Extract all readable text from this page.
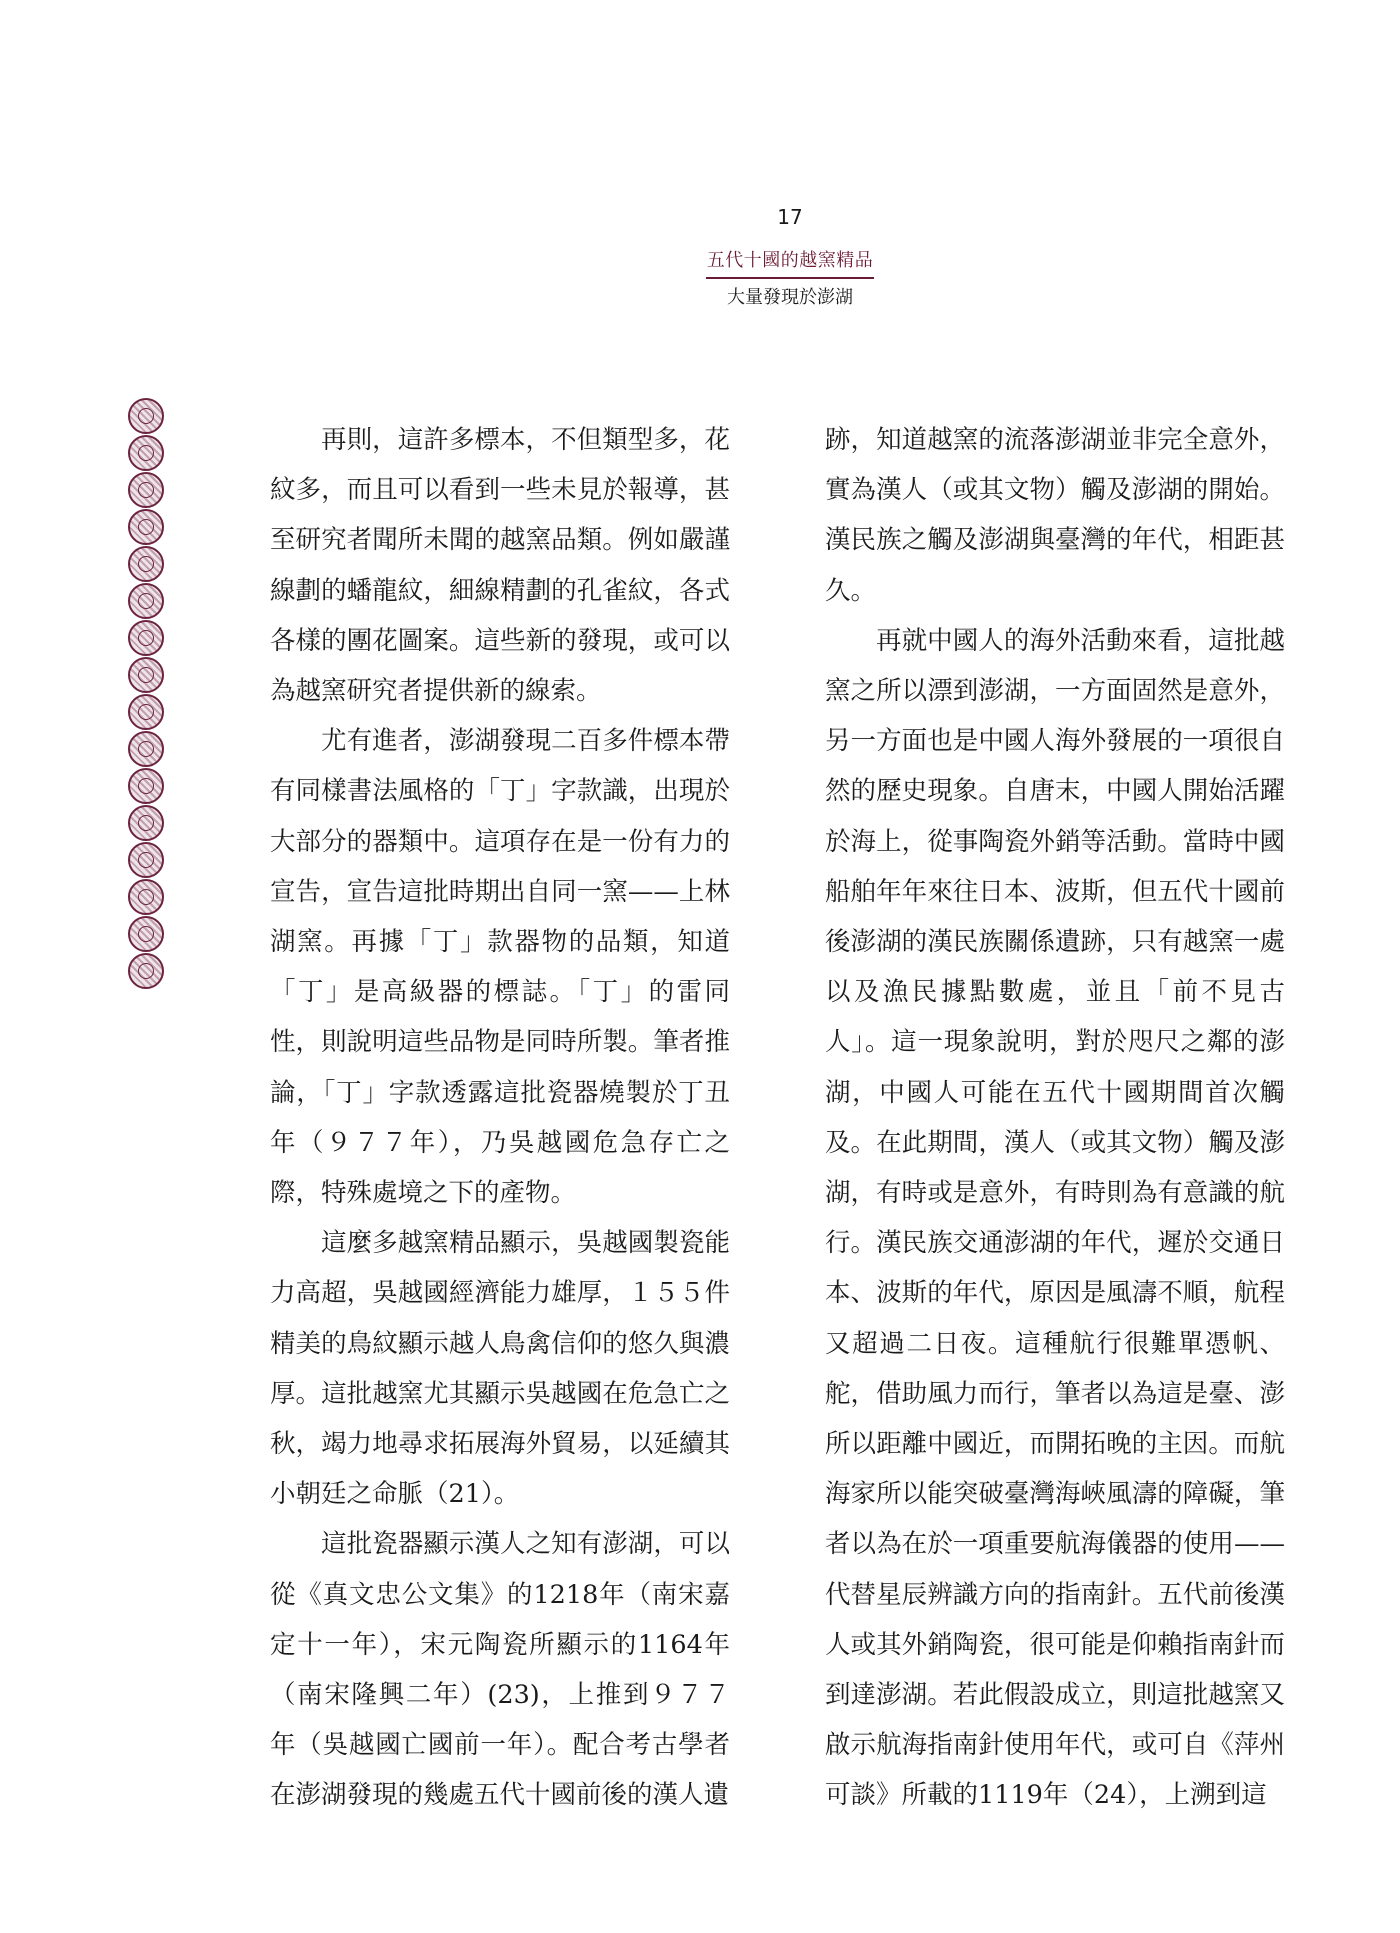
17
五代十國的越窯精品
大量發現於澎湖

再則，這許多標本，不但類型多，花紋多，而且可以看到一些未見於報導，甚至研究者聞所未聞的越窯品類。例如嚴謹線劃的蟠龍紋，細線精劃的孔雀紋，各式各樣的團花圖案。這些新的發現，或可以為越窯研究者提供新的線索。

尤有進者，澎湖發現二百多件標本帶有同樣書法風格的「丁」字款識，出現於大部分的器類中。這項存在是一份有力的宣告，宣告這批時期出自同一窯——上林湖窯。再據「丁」款器物的品類，知道「丁」是高級器的標誌。「丁」的雷同性，則說明這些品物是同時所製。筆者推論，「丁」字款透露這批瓷器燒製於丁丑年（９７７年），乃吳越國危急存亡之際，特殊處境之下的產物。

這麼多越窯精品顯示，吳越國製瓷能力高超，吳越國經濟能力雄厚，１５５件精美的鳥紋顯示越人鳥禽信仰的悠久與濃厚。這批越窯尤其顯示吳越國在危急亡之秋，竭力地尋求拓展海外貿易，以延續其小朝廷之命脈（21）。

這批瓷器顯示漢人之知有澎湖，可以從《真文忠公文集》的1218年（南宋嘉定十一年），宋元陶瓷所顯示的1164年（南宋隆興二年）(23)，上推到９７７年（吳越國亡國前一年）。配合考古學者在澎湖發現的幾處五代十國前後的漢人遺

跡，知道越窯的流落澎湖並非完全意外，實為漢人（或其文物）觸及澎湖的開始。漢民族之觸及澎湖與臺灣的年代，相距甚久。

再就中國人的海外活動來看，這批越窯之所以漂到澎湖，一方面固然是意外，另一方面也是中國人海外發展的一項很自然的歷史現象。自唐末，中國人開始活躍於海上，從事陶瓷外銷等活動。當時中國船舶年年來往日本、波斯，但五代十國前後澎湖的漢民族關係遺跡，只有越窯一處以及漁民據點數處，並且「前不見古人」。這一現象說明，對於咫尺之鄰的澎湖，中國人可能在五代十國期間首次觸及。在此期間，漢人（或其文物）觸及澎湖，有時或是意外，有時則為有意識的航行。漢民族交通澎湖的年代，遲於交通日本、波斯的年代，原因是風濤不順，航程又超過二日夜。這種航行很難單憑帆、舵，借助風力而行，筆者以為這是臺、澎所以距離中國近，而開拓晚的主因。而航海家所以能突破臺灣海峽風濤的障礙，筆者以為在於一項重要航海儀器的使用——代替星辰辨識方向的指南針。五代前後漢人或其外銷陶瓷，很可能是仰賴指南針而到達澎湖。若此假設成立，則這批越窯又啟示航海指南針使用年代，或可自《萍州可談》所載的1119年（24），上溯到這
